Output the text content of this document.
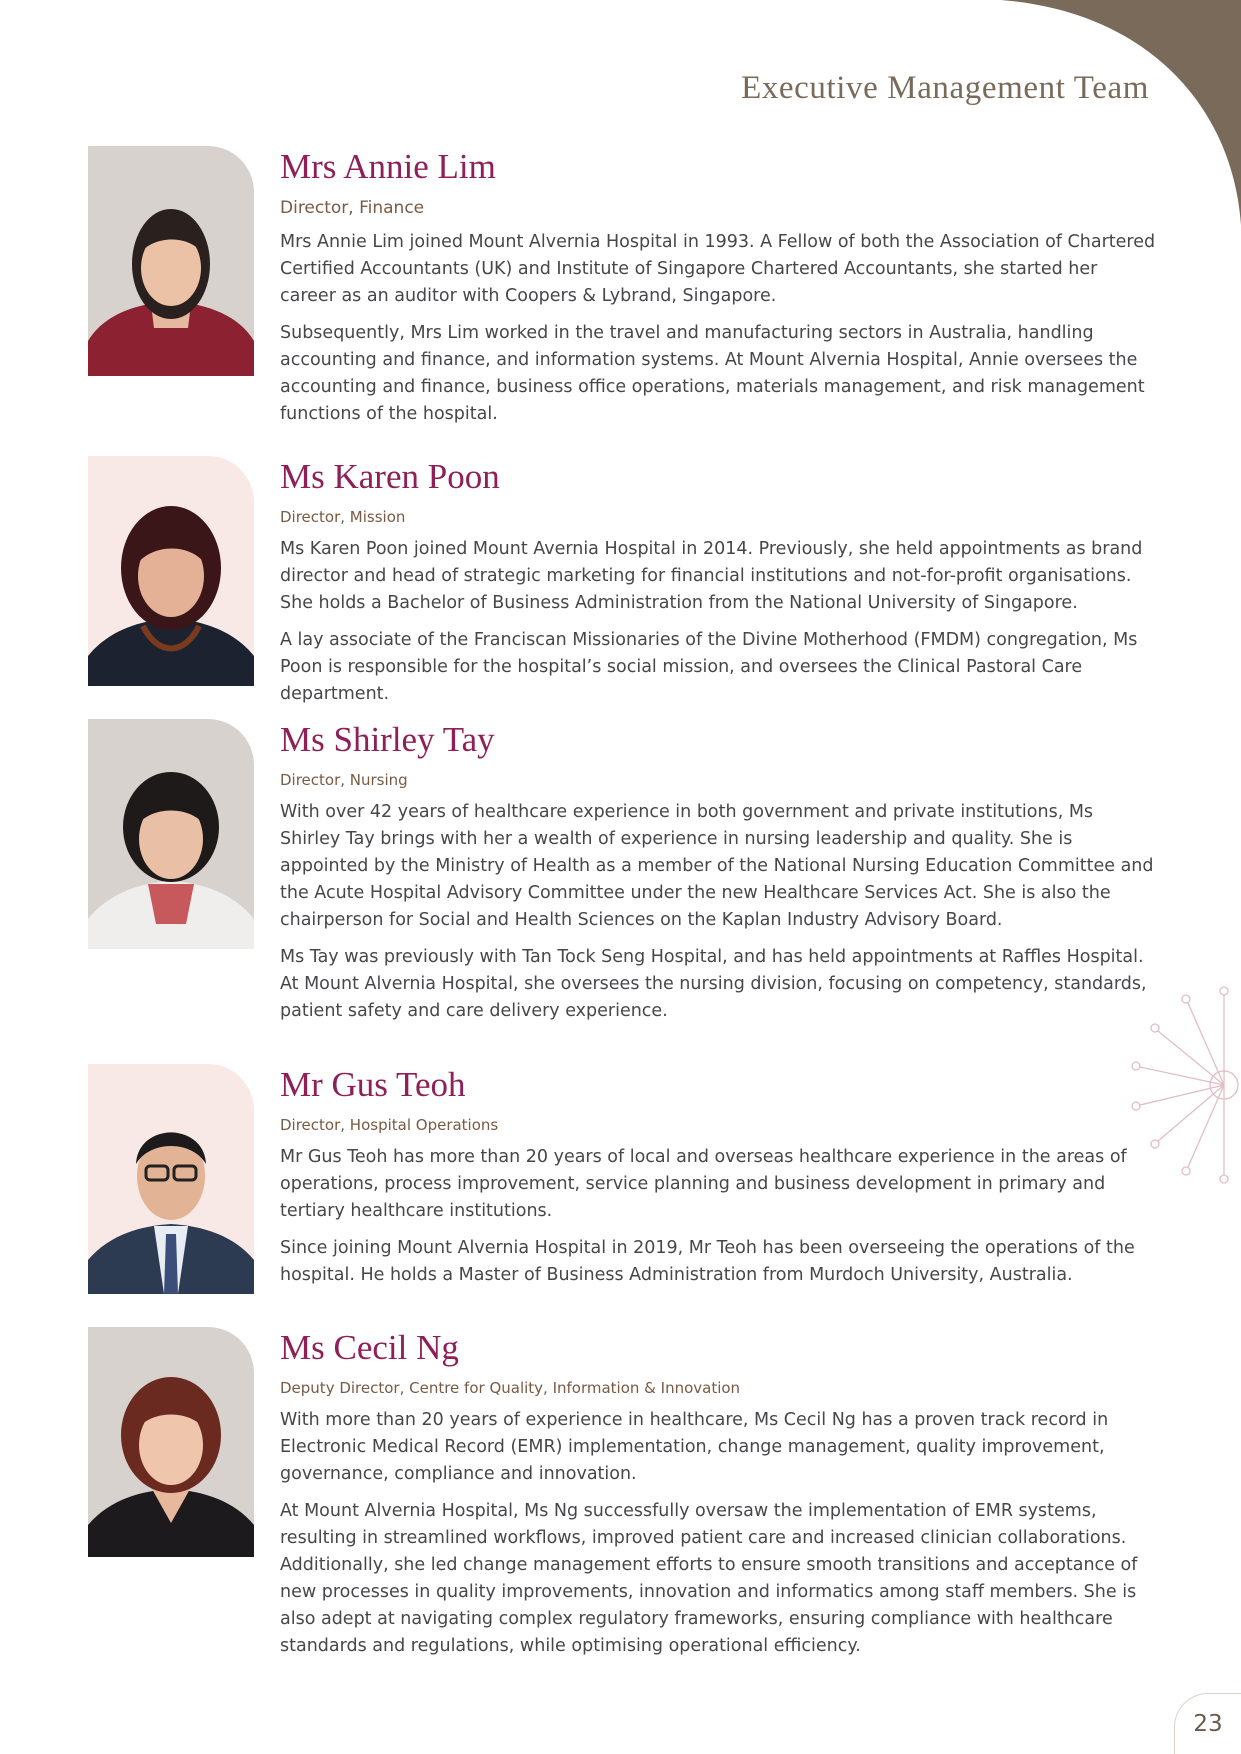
Executive Management Team
Mrs Annie Lim

Director, Finance

Mrs Annie Lim joined Mount Alvernia Hospital in 1993. A Fellow of both the Association of Chartered Certified Accountants (UK) and Institute of Singapore Chartered Accountants, she started her career as an auditor with Coopers & Lybrand, Singapore.

Subsequently, Mrs Lim worked in the travel and manufacturing sectors in Australia, handling accounting and finance, and information systems. At Mount Alvernia Hospital, Annie oversees the accounting and finance, business office operations, materials management, and risk management functions of the hospital.

Ms Karen Poon

Director, Mission

Ms Karen Poon joined Mount Avernia Hospital in 2014. Previously, she held appointments as brand director and head of strategic marketing for financial institutions and not-for-profit organisations. She holds a Bachelor of Business Administration from the National University of Singapore.

A lay associate of the Franciscan Missionaries of the Divine Motherhood (FMDM) congregation, Ms Poon is responsible for the hospital’s social mission, and oversees the Clinical Pastoral Care department.

Ms Shirley Tay

Director, Nursing

With over 42 years of healthcare experience in both government and private institutions, Ms Shirley Tay brings with her a wealth of experience in nursing leadership and quality. She is appointed by the Ministry of Health as a member of the National Nursing Education Committee and the Acute Hospital Advisory Committee under the new Healthcare Services Act. She is also the chairperson for Social and Health Sciences on the Kaplan Industry Advisory Board.

Ms Tay was previously with Tan Tock Seng Hospital, and has held appointments at Raffles Hospital. At Mount Alvernia Hospital, she oversees the nursing division, focusing on competency, standards, patient safety and care delivery experience.

Mr Gus Teoh

Director, Hospital Operations

Mr Gus Teoh has more than 20 years of local and overseas healthcare experience in the areas of operations, process improvement, service planning and business development in primary and tertiary healthcare institutions.

Since joining Mount Alvernia Hospital in 2019, Mr Teoh has been overseeing the operations of the hospital. He holds a Master of Business Administration from Murdoch University, Australia.

Ms Cecil Ng

Deputy Director, Centre for Quality, Information & Innovation

With more than 20 years of experience in healthcare, Ms Cecil Ng has a proven track record in Electronic Medical Record (EMR) implementation, change management, quality improvement, governance, compliance and innovation.

At Mount Alvernia Hospital, Ms Ng successfully oversaw the implementation of EMR systems, resulting in streamlined workflows, improved patient care and increased clinician collaborations. Additionally, she led change management efforts to ensure smooth transitions and acceptance of new processes in quality improvements, innovation and informatics among staff members. She is also adept at navigating complex regulatory frameworks, ensuring compliance with healthcare standards and regulations, while optimising operational efficiency.

23
